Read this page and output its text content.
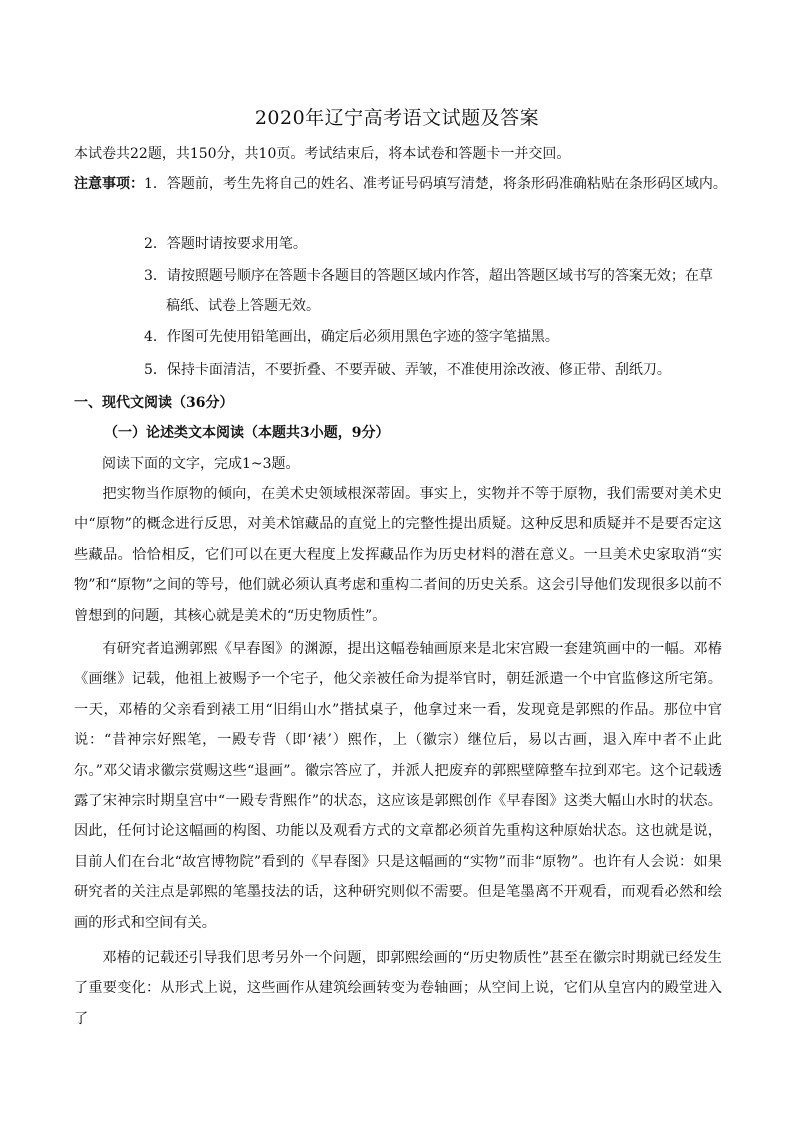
2020年辽宁高考语文试题及答案
本试卷共22题，共150分，共10页。考试结束后，将本试卷和答题卡一并交回。
注意事项：1．答题前，考生先将自己的姓名、准考证号码填写清楚，将条形码准确粘贴在条形码区域内。
2．答题时请按要求用笔。
3．请按照题号顺序在答题卡各题目的答题区域内作答，超出答题区域书写的答案无效；在草
稿纸、试卷上答题无效。
4．作图可先使用铅笔画出，确定后必须用黑色字迹的签字笔描黑。
5．保持卡面清洁，不要折叠、不要弄破、弄皱，不准使用涂改液、修正带、刮纸刀。
一、现代文阅读（36分）
（一）论述类文本阅读（本题共3小题，9分）
阅读下面的文字，完成1~3题。
把实物当作原物的倾向，在美术史领域根深蒂固。事实上，实物并不等于原物，我们需要对美术史中“原物”的概念进行反思，对美术馆藏品的直觉上的完整性提出质疑。这种反思和质疑并不是要否定这些藏品。恰恰相反，它们可以在更大程度上发挥藏品作为历史材料的潜在意义。一旦美术史家取消“实物”和“原物”之间的等号，他们就必须认真考虑和重构二者间的历史关系。这会引导他们发现很多以前不曾想到的问题，其核心就是美术的“历史物质性”。
有研究者追溯郭熙《早春图》的渊源，提出这幅卷轴画原来是北宋宫殿一套建筑画中的一幅。邓椿《画继》记载，他祖上被赐予一个宅子，他父亲被任命为提举官时，朝廷派遣一个中官监修这所宅第。一天，邓椿的父亲看到裱工用“旧绢山水”揩拭桌子，他拿过来一看，发现竟是郭熙的作品。那位中官说：“昔神宗好熙笔，一殿专背（即‘裱’）熙作，上（徽宗）继位后，易以古画，退入库中者不止此尔。”邓父请求徽宗赏赐这些“退画”。徽宗答应了，并派人把废弃的郭熙壁障整车拉到邓宅。这个记载透露了宋神宗时期皇宫中“一殿专背熙作”的状态，这应该是郭熙创作《早春图》这类大幅山水时的状态。因此，任何讨论这幅画的构图、功能以及观看方式的文章都必须首先重构这种原始状态。这也就是说，目前人们在台北“故宫博物院”看到的《早春图》只是这幅画的“实物”而非“原物”。也许有人会说：如果研究者的关注点是郭熙的笔墨技法的话，这种研究则似不需要。但是笔墨离不开观看，而观看必然和绘画的形式和空间有关。
邓椿的记载还引导我们思考另外一个问题，即郭熙绘画的“历史物质性”甚至在徽宗时期就已经发生了重要变化：从形式上说，这些画作从建筑绘画转变为卷轴画；从空间上说，它们从皇宫内的殿堂进入了
